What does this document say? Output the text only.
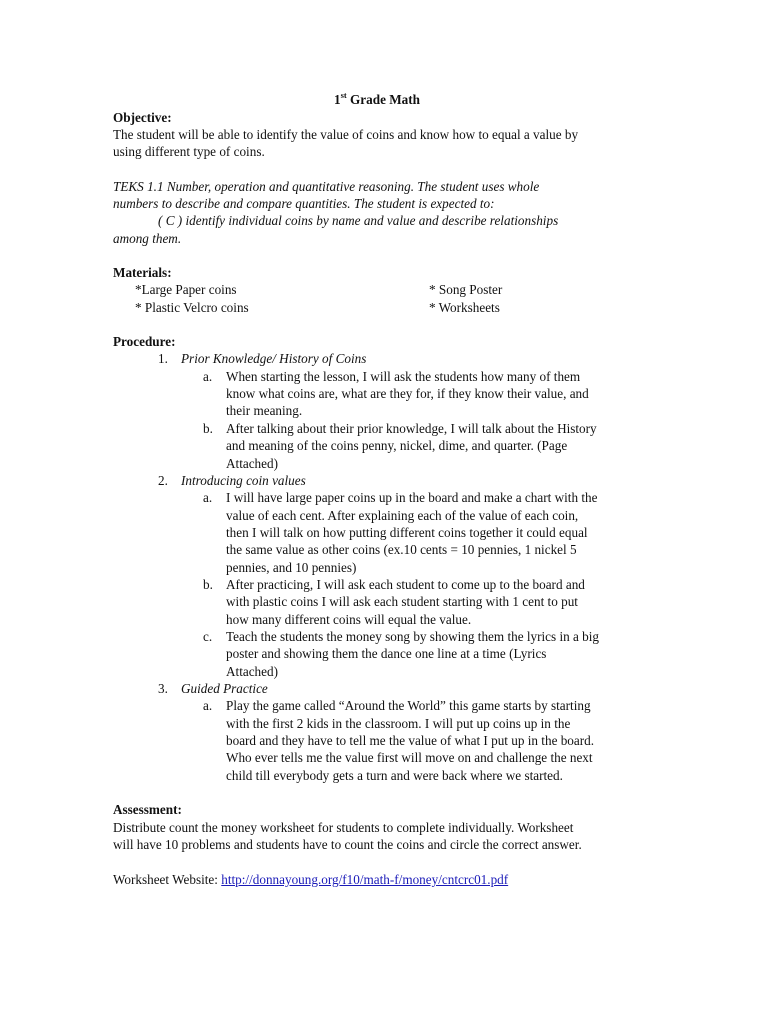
1st Grade Math
Objective:
The student will be able to identify the value of coins and know how to equal a value by
using different type of coins.
TEKS 1.1 Number, operation and quantitative reasoning. The student uses whole
numbers to describe and compare quantities. The student is expected to:
( C ) identify individual coins by name and value and describe relationships
among them.
Materials:
*Large Paper coins
* Plastic Velcro coins
* Song Poster
* Worksheets
Procedure:
1. Prior Knowledge/ History of Coins
a. When starting the lesson, I will ask the students how many of them
know what coins are, what are they for, if they know their value, and
their meaning.
b. After talking about their prior knowledge, I will talk about the History
and meaning of the coins penny, nickel, dime, and quarter. (Page
Attached)
2. Introducing coin values
a. I will have large paper coins up in the board and make a chart with the
value of each cent. After explaining each of the value of each coin,
then I will talk on how putting different coins together it could equal
the same value as other coins (ex.10 cents = 10 pennies, 1 nickel 5
pennies, and 10 pennies)
b. After practicing, I will ask each student to come up to the board and
with plastic coins I will ask each student starting with 1 cent to put
how many different coins will equal the value.
c. Teach the students the money song by showing them the lyrics in a big
poster and showing them the dance one line at a time (Lyrics
Attached)
3. Guided Practice
a. Play the game called “Around the World” this game starts by starting
with the first 2 kids in the classroom. I will put up coins up in the
board and they have to tell me the value of what I put up in the board.
Who ever tells me the value first will move on and challenge the next
child till everybody gets a turn and were back where we started.
Assessment:
Distribute count the money worksheet for students to complete individually. Worksheet
will have 10 problems and students have to count the coins and circle the correct answer.
Worksheet Website: http://donnayoung.org/f10/math-f/money/cntcrc01.pdf
